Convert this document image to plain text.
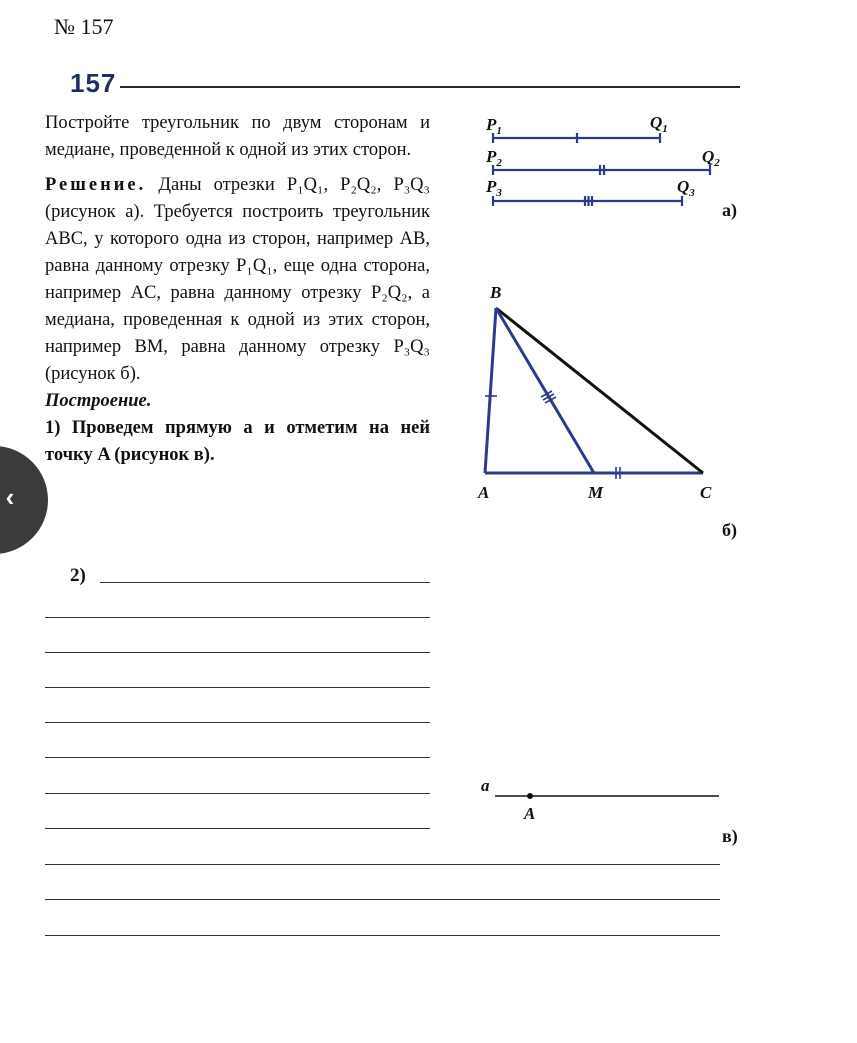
№ 157
157

Постройте треугольник по двум сторонам и медиане, проведенной к одной из этих сторон.

Решение. Даны отрезки P₁Q₁, P₂Q₂, P₃Q₃ (рисунок а). Требуется построить треугольник ABC, у которого одна из сторон, например AB, равна данному отрезку P₁Q₁, еще одна сторона, например AC, равна данному отрезку P₂Q₂, а медиана, проведенная к одной из этих сторон, например BM, равна данному отрезку P₃Q₃ (рисунок б).

Построение.

1) Проведем прямую a и отметим на ней точку A (рисунок в).

2)
$P_1$	$Q_1$
$P_2$	$Q_2$
$P_3$	$Q_3$
а)
B
A	M	C
б)
a
A
в)
‹
